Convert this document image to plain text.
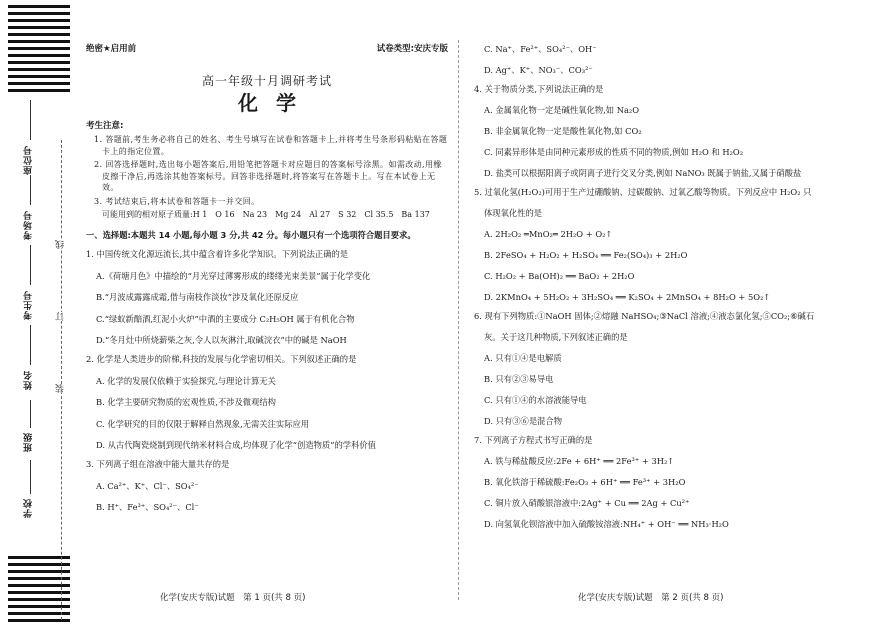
座位号
考场号
考生号
姓名
班级
学校
线
订
装
绝密★启用前	试卷类型:安庆专版
高一年级十月调研考试
化学
考生注意:
1. 答题前,考生务必将自己的姓名、考生号填写在试卷和答题卡上,并将考生号条形码粘贴在答题卡上的指定位置。
2. 回答选择题时,选出每小题答案后,用铅笔把答题卡对应题目的答案标号涂黑。如需改动,用橡皮擦干净后,再选涂其他答案标号。回答非选择题时,将答案写在答题卡上。写在本试卷上无效。
3. 考试结束后,将本试卷和答题卡一并交回。
可能用到的相对原子质量:H 1　O 16　Na 23　Mg 24　Al 27　S 32　Cl 35.5　Ba 137
一、选择题:本题共 14 小题,每小题 3 分,共 42 分。每小题只有一个选项符合题目要求。
1. 中国传统文化源远流长,其中蕴含着许多化学知识。下列说法正确的是
A.《荷塘月色》中描绘的“月光穿过薄雾形成的缕缕光束美景”属于化学变化
B.“月波成露露成霜,借与南枝作淡妆”涉及氧化还原反应
C.“绿蚁新醅酒,红泥小火炉”中酒的主要成分 C₂H₅OH 属于有机化合物
D.“冬月灶中所烧薪柴之灰,令人以灰淋汁,取碱浣衣”中的碱是 NaOH
2. 化学是人类进步的阶梯,科技的发展与化学密切相关。下列叙述正确的是
A. 化学的发展仅依赖于实验探究,与理论计算无关
B. 化学主要研究物质的宏观性质,不涉及微观结构
C. 化学研究的目的仅限于解释自然现象,无需关注实际应用
D. 从古代陶瓷烧制到现代纳米材料合成,均体现了化学“创造物质”的学科价值
3. 下列离子组在溶液中能大量共存的是
A. Ca²⁺、K⁺、Cl⁻、SO₄²⁻
B. H⁺、Fe³⁺、SO₄²⁻、Cl⁻
C. Na⁺、Fe²⁺、SO₄²⁻、OH⁻
D. Ag⁺、K⁺、NO₃⁻、CO₃²⁻
4. 关于物质分类,下列说法正确的是
A. 金属氧化物一定是碱性氧化物,如 Na₂O
B. 非金属氧化物一定是酸性氧化物,如 CO₂
C. 同素异形体是由同种元素形成的性质不同的物质,例如 H₂O 和 H₂O₂
D. 盐类可以根据阳离子或阴离子进行交叉分类,例如 NaNO₃ 既属于钠盐,又属于硝酸盐
5. 过氧化氢(H₂O₂)可用于生产过硼酸钠、过碳酸钠、过氧乙酸等物质。下列反应中 H₂O₂ 只
体现氧化性的是
A. 2H₂O₂ ═MnO₂═ 2H₂O + O₂↑
B. 2FeSO₄ + H₂O₂ + H₂SO₄ ══ Fe₂(SO₄)₃ + 2H₂O
C. H₂O₂ + Ba(OH)₂ ══ BaO₂ + 2H₂O
D. 2KMnO₄ + 5H₂O₂ + 3H₂SO₄ ══ K₂SO₄ + 2MnSO₄ + 8H₂O + 5O₂↑
6. 现有下列物质:①NaOH 固体;②熔融 NaHSO₄;③NaCl 溶液;④液态氯化氢;⑤CO₂;⑥碱石
灰。关于这几种物质,下列叙述正确的是
A. 只有①④是电解质
B. 只有②③易导电
C. 只有①④的水溶液能导电
D. 只有③⑥是混合物
7. 下列离子方程式书写正确的是
A. 铁与稀盐酸反应:2Fe + 6H⁺ ══ 2Fe³⁺ + 3H₂↑
B. 氧化铁溶于稀硫酸:Fe₂O₃ + 6H⁺ ══ Fe³⁺ + 3H₂O
C. 铜片放入硝酸银溶液中:2Ag⁺ + Cu ══ 2Ag + Cu²⁺
D. 向氢氧化钡溶液中加入硫酸铵溶液:NH₄⁺ + OH⁻ ══ NH₃·H₂O
化学(安庆专版)试题　第 1 页(共 8 页)	化学(安庆专版)试题　第 2 页(共 8 页)
